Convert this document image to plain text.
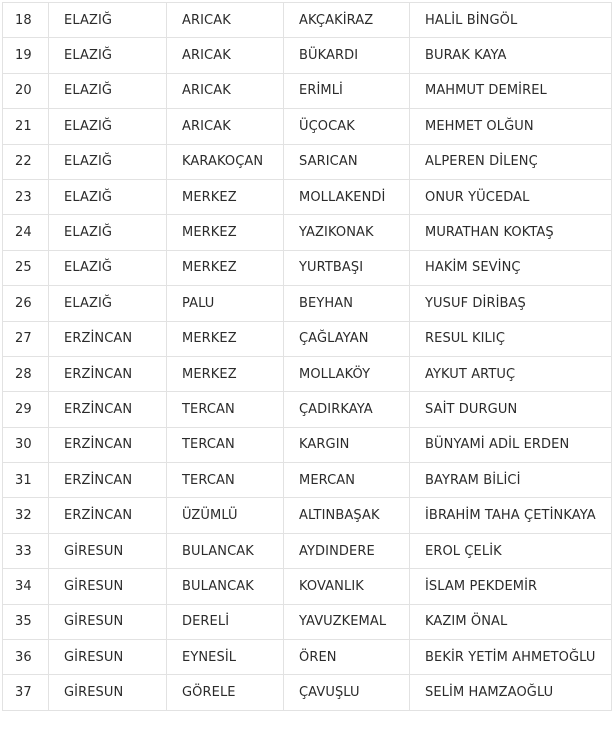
18	ELAZIĞ	ARICAK	AKÇAKİRAZ	HALİL BİNGÖL
19	ELAZIĞ	ARICAK	BÜKARDI	BURAK KAYA
20	ELAZIĞ	ARICAK	ERİMLİ	MAHMUT DEMİREL
21	ELAZIĞ	ARICAK	ÜÇOCAK	MEHMET OLĞUN
22	ELAZIĞ	KARAKOÇAN	SARICAN	ALPEREN DİLENÇ
23	ELAZIĞ	MERKEZ	MOLLAKENDİ	ONUR YÜCEDAL
24	ELAZIĞ	MERKEZ	YAZIKONAK	MURATHAN KOKTAŞ
25	ELAZIĞ	MERKEZ	YURTBAŞI	HAKİM SEVİNÇ
26	ELAZIĞ	PALU	BEYHAN	YUSUF DİRİBAŞ
27	ERZİNCAN	MERKEZ	ÇAĞLAYAN	RESUL KILIÇ
28	ERZİNCAN	MERKEZ	MOLLAKÖY	AYKUT ARTUÇ
29	ERZİNCAN	TERCAN	ÇADIRKAYA	SAİT DURGUN
30	ERZİNCAN	TERCAN	KARGIN	BÜNYAMİ ADİL ERDEN
31	ERZİNCAN	TERCAN	MERCAN	BAYRAM BİLİCİ
32	ERZİNCAN	ÜZÜMLÜ	ALTINBAŞAK	İBRAHİM TAHA ÇETİNKAYA
33	GİRESUN	BULANCAK	AYDINDERE	EROL ÇELİK
34	GİRESUN	BULANCAK	KOVANLIK	İSLAM PEKDEMİR
35	GİRESUN	DERELİ	YAVUZKEMAL	KAZIM ÖNAL
36	GİRESUN	EYNESİL	ÖREN	BEKİR YETİM AHMETOĞLU
37	GİRESUN	GÖRELE	ÇAVUŞLU	SELİM HAMZAOĞLU
